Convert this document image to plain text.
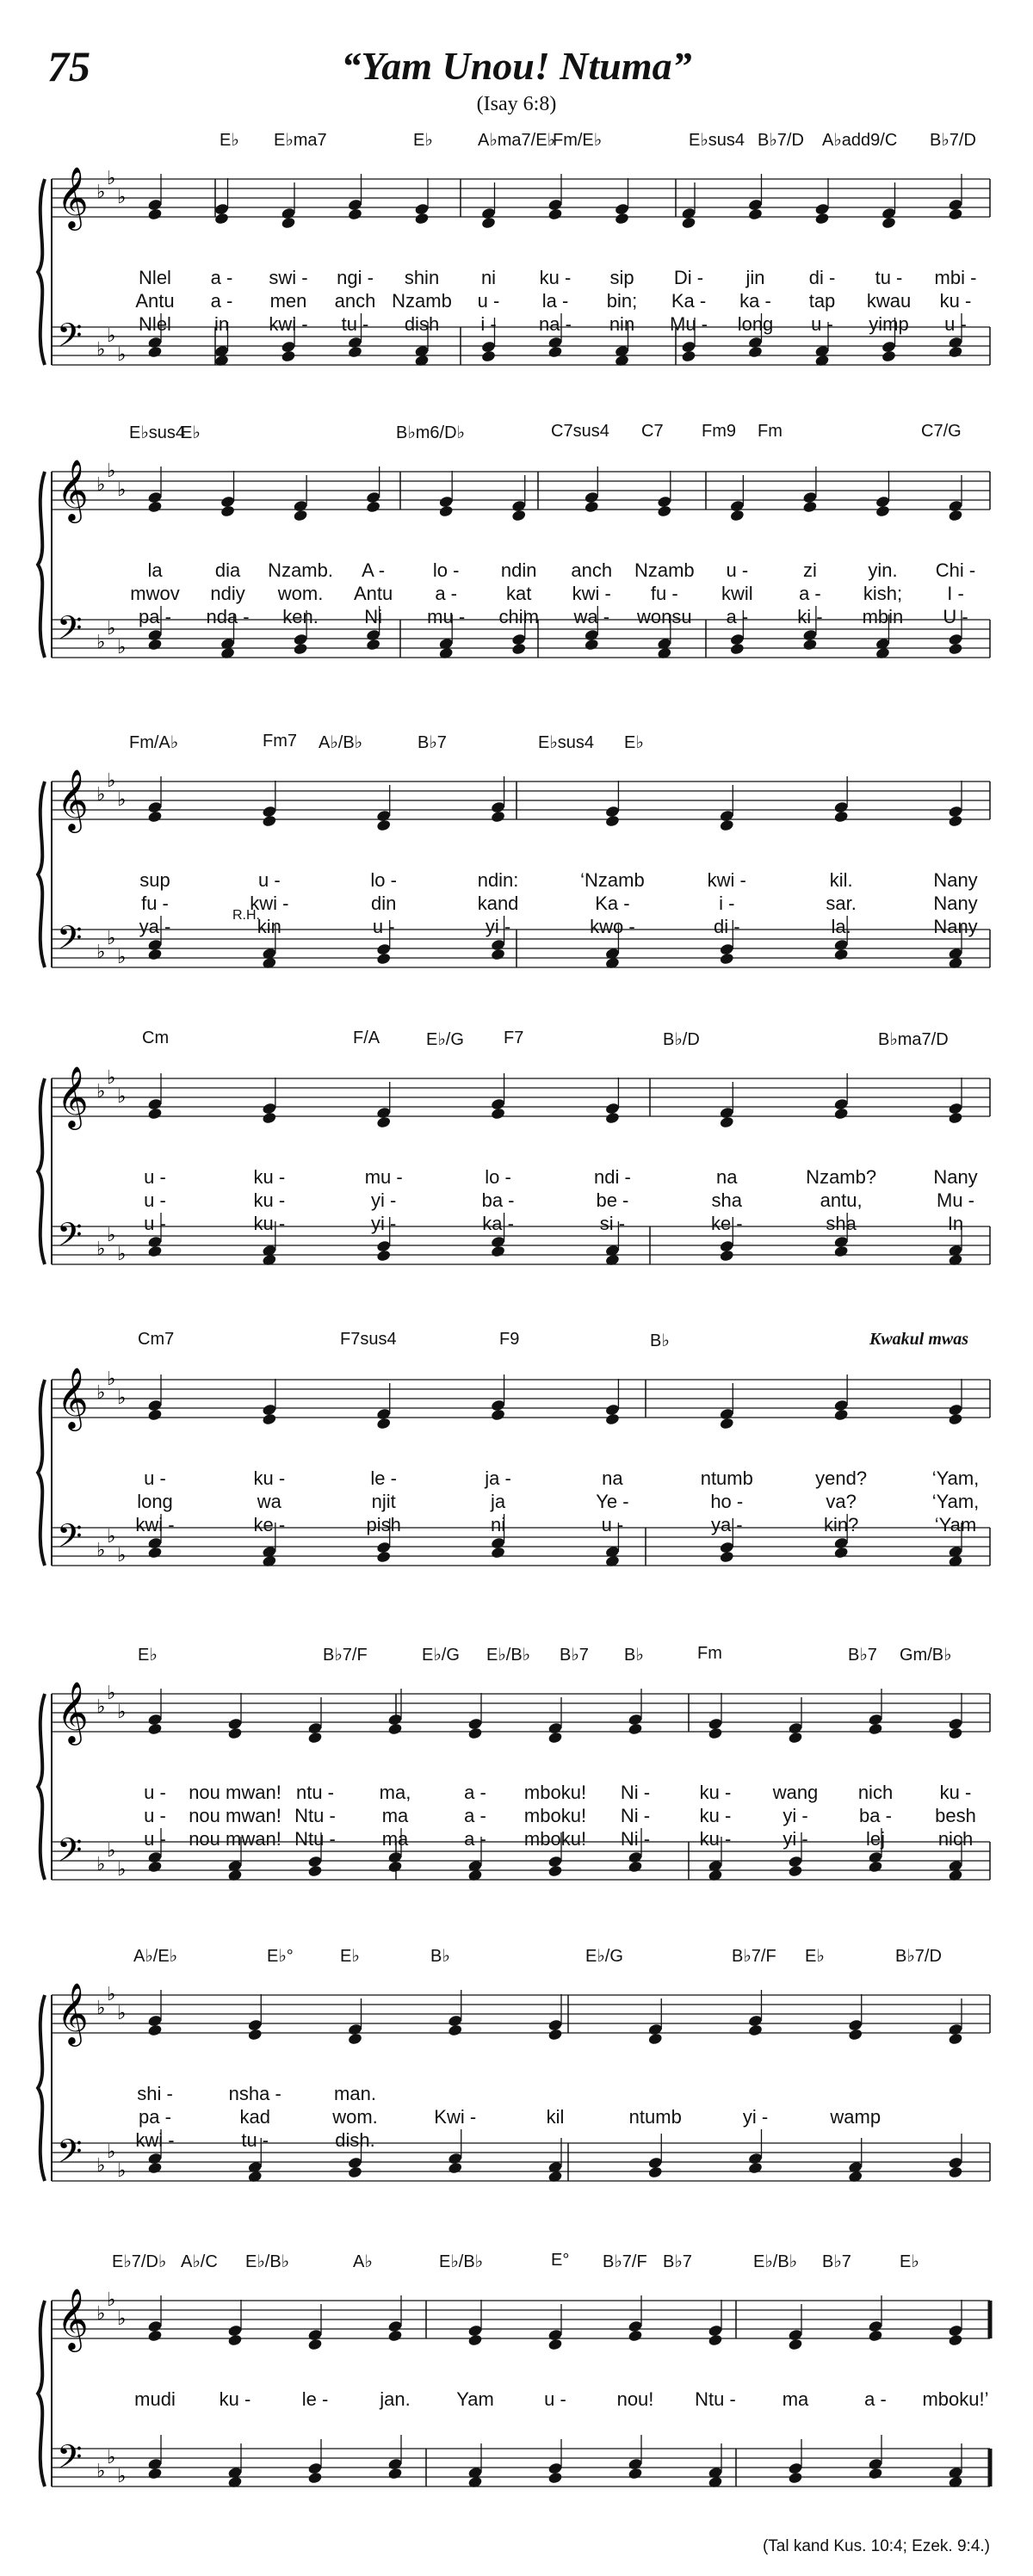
75	“Yam Unou! Ntuma”
(Isay 6:8)
(Tal kand Kus. 10:4; Ezek. 9:4.)
E♭ E♭ma7	E♭	A♭ma7/E♭
Fm/E♭	E♭sus4 B♭7/D A♭add9/C B♭7/D
𝄞
𝄢
♭
♭
♭
♭
♭
♭
Nlel a - swi - ngi - shin ni ku - sip Di - jin di - tu - mbi -
Antu a - men anch Nzamb u - la - bin; Ka - ka - tap kwau ku -
Nlel in kwi - tu - dish i - na - nin Mu - long u - yimp u -
E♭sus4
E♭	B♭m6/D♭	C7sus4 C7 Fm9 Fm	C7/G
𝄞
𝄢
♭
♭
♭
♭
♭
♭
la	dia Nzamb. A -	lo - ndin anch Nzamb u -	zi	yin. Chi -
mwov ndiy wom. Antu a -	kat kwi - fu - kwil a - kish; I -
pa - nda - ken. Ni mu - chim wa - wonsu a -	ki - mbin U -
Fm/A♭	Fm7 A♭/B♭	B♭7	E♭sus4 E♭
𝄞
𝄢
♭
♭
♭
♭
♭
♭
sup	u -	lo -	ndin:	‘Nzamb	kwi -	kil.	Nany
fu -	kwi -	din	kand	Ka -	i -	sar.	Nany
ya -	kin	u -	yi -	kwo -	di -	la.	Nany
Cm	F/A	E♭/G F7	B♭/D	B♭ma7/D
𝄞
𝄢
♭
♭
♭
♭
♭
♭
u -	ku -	mu -	lo -	ndi -	na	Nzamb?	Nany
u -	ku -	yi -	ba -	be -	sha	antu,	Mu -
u -	ku -	yi -	ka -	si -	ke -	sha	In
Cm7	F7sus4	F9	B♭
𝄞
𝄢
♭
♭
♭
♭
♭
♭
u -	ku -	le -	ja -	na	ntumb	yend?	‘Yam,
long	wa	njit	ja	Ye -	ho -	va?	‘Yam,
kwi -	ke -	pish	ni	u -	ya -	kin?	‘Yam
E♭	B♭7/F	E♭/G E♭/B♭ B♭7 B♭	Fm	B♭7 Gm/B♭
𝄞
𝄢
♭
♭
♭
♭
♭
♭
u - nou mwan! ntu - ma,	a - mboku! Ni -	ku - wang nich ku -
u - nou mwan! Ntu - ma	a - mboku! Ni -	ku -	yi -	ba - besh
u - nou mwan! Ntu - ma	a - mboku! Ni -	ku -	yi -	lej	nich
A♭/E♭	E♭°	E♭	B♭	E♭/G	B♭7/F E♭	B♭7/D
𝄞
𝄢
♭
♭
♭
♭
♭
♭
shi -	nsha -	man.
pa -	kad	wom.	Kwi -	kil	ntumb	yi -	wamp
kwi -	tu -	dish.
E♭7/D♭ A♭/C E♭/B♭	A♭	E♭/B♭	E° B♭7/F B♭7	E♭/B♭ B♭7	E♭
𝄞
𝄢
♭
♭
♭
♭
♭
♭
mudi ku -	le -	jan. Yam	u -	nou! Ntu - ma	a - mboku!’
Kwakul mwas
R.H.
